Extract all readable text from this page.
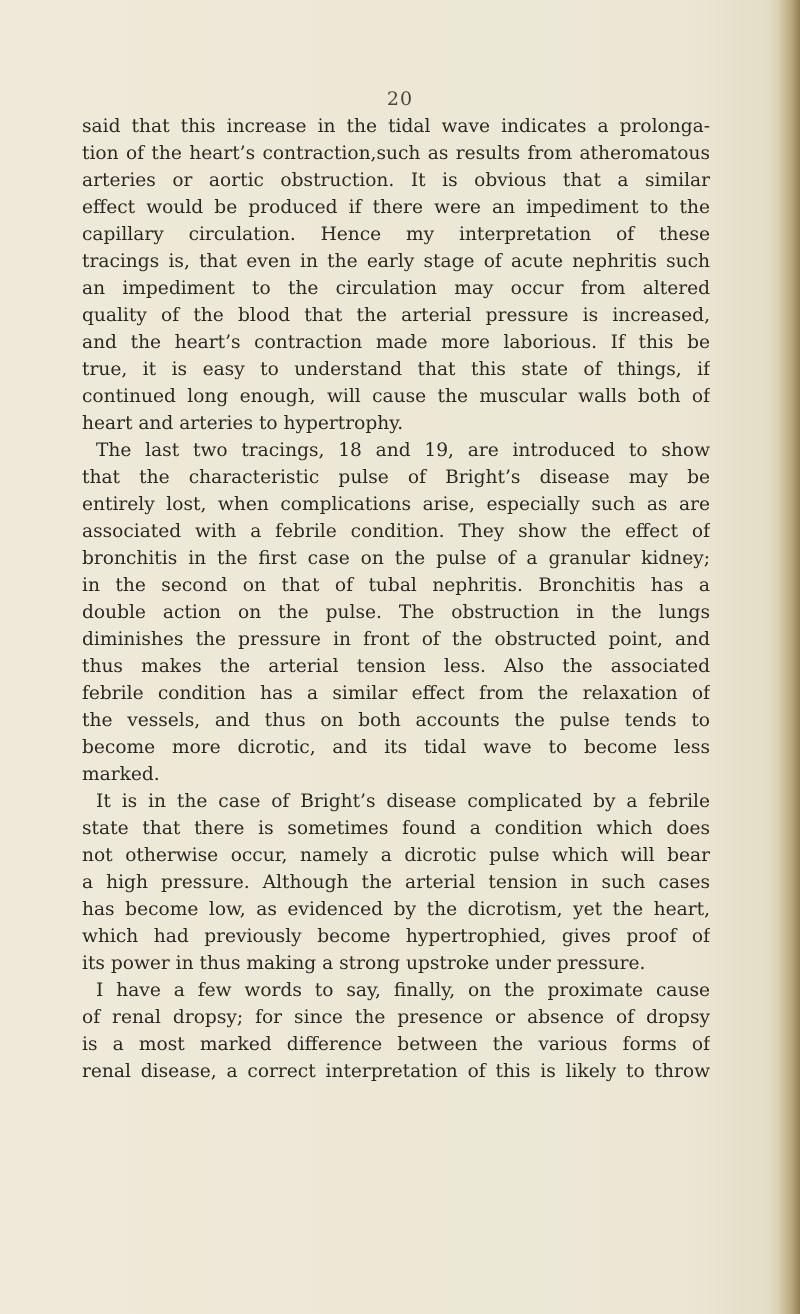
20
said that this increase in the tidal wave indicates a prolonga-
tion of the heart’s contraction,such as results from atheromatous
arteries or aortic obstruction. It is obvious that a similar
effect would be produced if there were an impediment to the
capillary circulation. Hence my interpretation of these
tracings is, that even in the early stage of acute nephritis such
an impediment to the circulation may occur from altered
quality of the blood that the arterial pressure is increased,
and the heart’s contraction made more laborious. If this be
true, it is easy to understand that this state of things, if
continued long enough, will cause the muscular walls both of
heart and arteries to hypertrophy.
The last two tracings, 18 and 19, are introduced to show
that the characteristic pulse of Bright’s disease may be
entirely lost, when complications arise, especially such as are
associated with a febrile condition. They show the effect of
bronchitis in the first case on the pulse of a granular kidney;
in the second on that of tubal nephritis. Bronchitis has a
double action on the pulse. The obstruction in the lungs
diminishes the pressure in front of the obstructed point, and
thus makes the arterial tension less. Also the associated
febrile condition has a similar effect from the relaxation of
the vessels, and thus on both accounts the pulse tends to
become more dicrotic, and its tidal wave to become less
marked.
It is in the case of Bright’s disease complicated by a febrile
state that there is sometimes found a condition which does
not otherwise occur, namely a dicrotic pulse which will bear
a high pressure. Although the arterial tension in such cases
has become low, as evidenced by the dicrotism, yet the heart,
which had previously become hypertrophied, gives proof of
its power in thus making a strong upstroke under pressure.
I have a few words to say, finally, on the proximate cause
of renal dropsy; for since the presence or absence of dropsy
is a most marked difference between the various forms of
renal disease, a correct interpretation of this is likely to throw
